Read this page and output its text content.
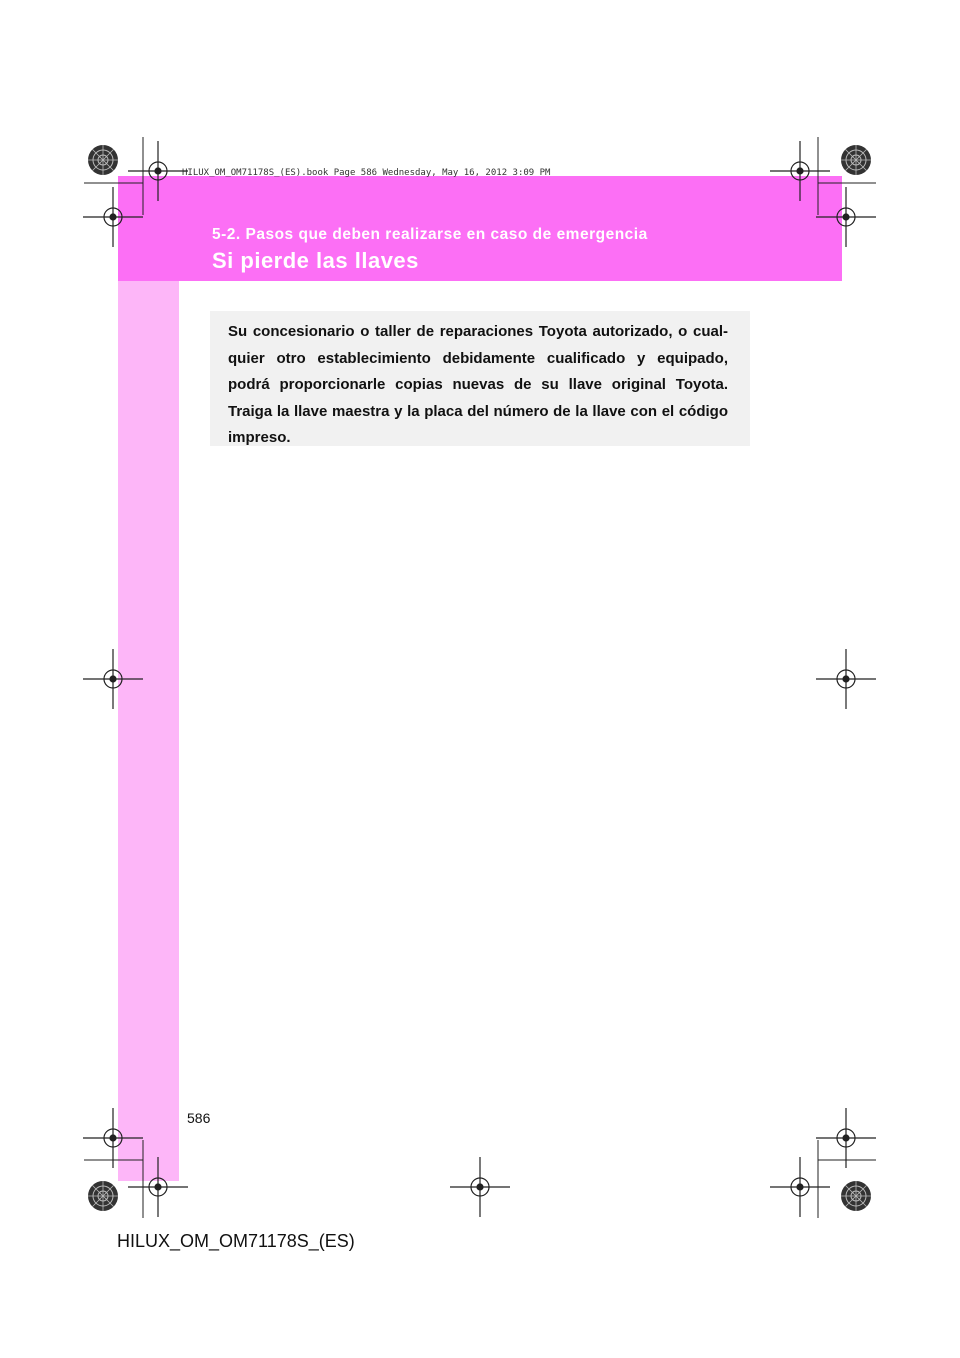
HILUX_OM_OM71178S_(ES).book Page 586 Wednesday, May 16, 2012 3:09 PM
5-2. Pasos que deben realizarse en caso de emergencia
Si pierde las llaves
Su concesionario o taller de reparaciones Toyota autorizado, o cual-quier otro establecimiento debidamente cualificado y equipado, podrá proporcionarle copias nuevas de su llave original Toyota. Traiga la llave maestra y la placa del número de la llave con el código impreso.
586
HILUX_OM_OM71178S_(ES)
